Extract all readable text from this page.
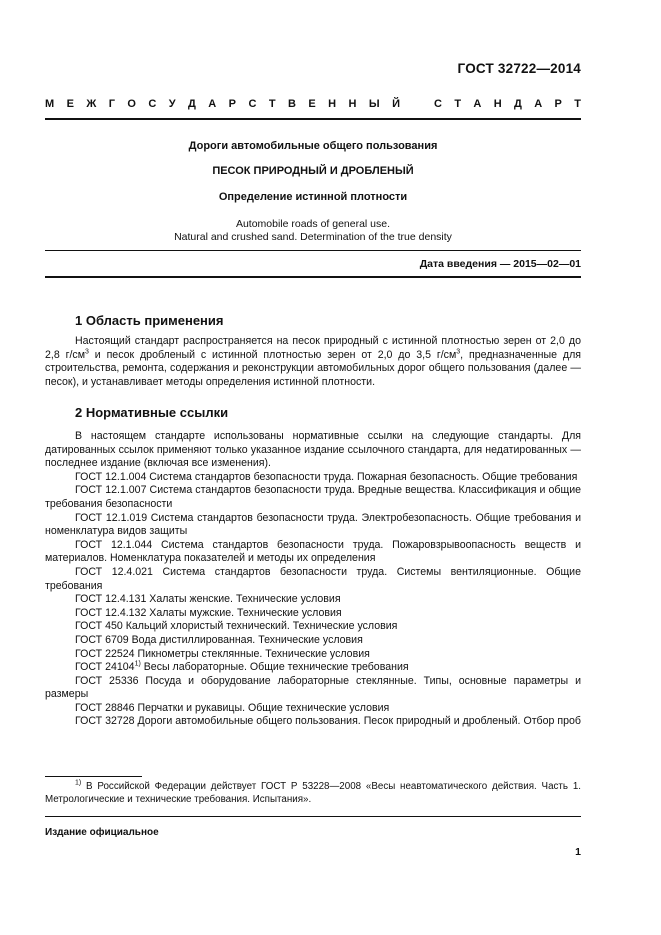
ГОСТ 32722—2014
М Е Ж Г О С У Д А Р С Т В Е Н Н Ы Й	С Т А Н Д А Р Т
Дороги автомобильные общего пользования
ПЕСОК ПРИРОДНЫЙ И ДРОБЛЕНЫЙ
Определение истинной плотности
Automobile roads of general use.
Natural and crushed sand. Determination of the true density
Дата введения — 2015—02—01
1 Область применения

Настоящий стандарт распространяется на песок природный с истинной плотностью зерен от 2,0 до 2,8 $г/см^3$ и песок дробленый с истинной плотностью зерен от 2,0 до 3,5 $г/см^3$, предназначенные для строительства, ремонта, содержания и реконструкции автомобильных дорог общего пользования (далее — песок), и устанавливает методы определения истинной плотности.

2 Нормативные ссылки

В настоящем стандарте использованы нормативные ссылки на следующие стандарты. Для датированных ссылок применяют только указанное издание ссылочного стандарта, для недатированных — последнее издание (включая все изменения).

ГОСТ 12.1.004 Система стандартов безопасности труда. Пожарная безопасность. Общие требования

ГОСТ 12.1.007 Система стандартов безопасности труда. Вредные вещества. Классификация и общие требования безопасности

ГОСТ 12.1.019 Система стандартов безопасности труда. Электробезопасность. Общие требования и номенклатура видов защиты

ГОСТ 12.1.044 Система стандартов безопасности труда. Пожаровзрывоопасность веществ и материалов. Номенклатура показателей и методы их определения

ГОСТ 12.4.021 Система стандартов безопасности труда. Системы вентиляционные. Общие требования

ГОСТ 12.4.131 Халаты женские. Технические условия

ГОСТ 12.4.132 Халаты мужские. Технические условия

ГОСТ 450 Кальций хлористый технический. Технические условия

ГОСТ 6709 Вода дистиллированная. Технические условия

ГОСТ 22524 Пикнометры стеклянные. Технические условия

ГОСТ 24104$^{1)}$ Весы лабораторные. Общие технические требования

ГОСТ 25336 Посуда и оборудование лабораторные стеклянные. Типы, основные параметры и размеры

ГОСТ 28846 Перчатки и рукавицы. Общие технические условия

ГОСТ 32728 Дороги автомобильные общего пользования. Песок природный и дробленый. Отбор проб

$^{1)}$ В Российской Федерации действует ГОСТ Р 53228—2008 «Весы неавтоматического действия. Часть 1. Метрологические и технические требования. Испытания».
Издание официальное
1
